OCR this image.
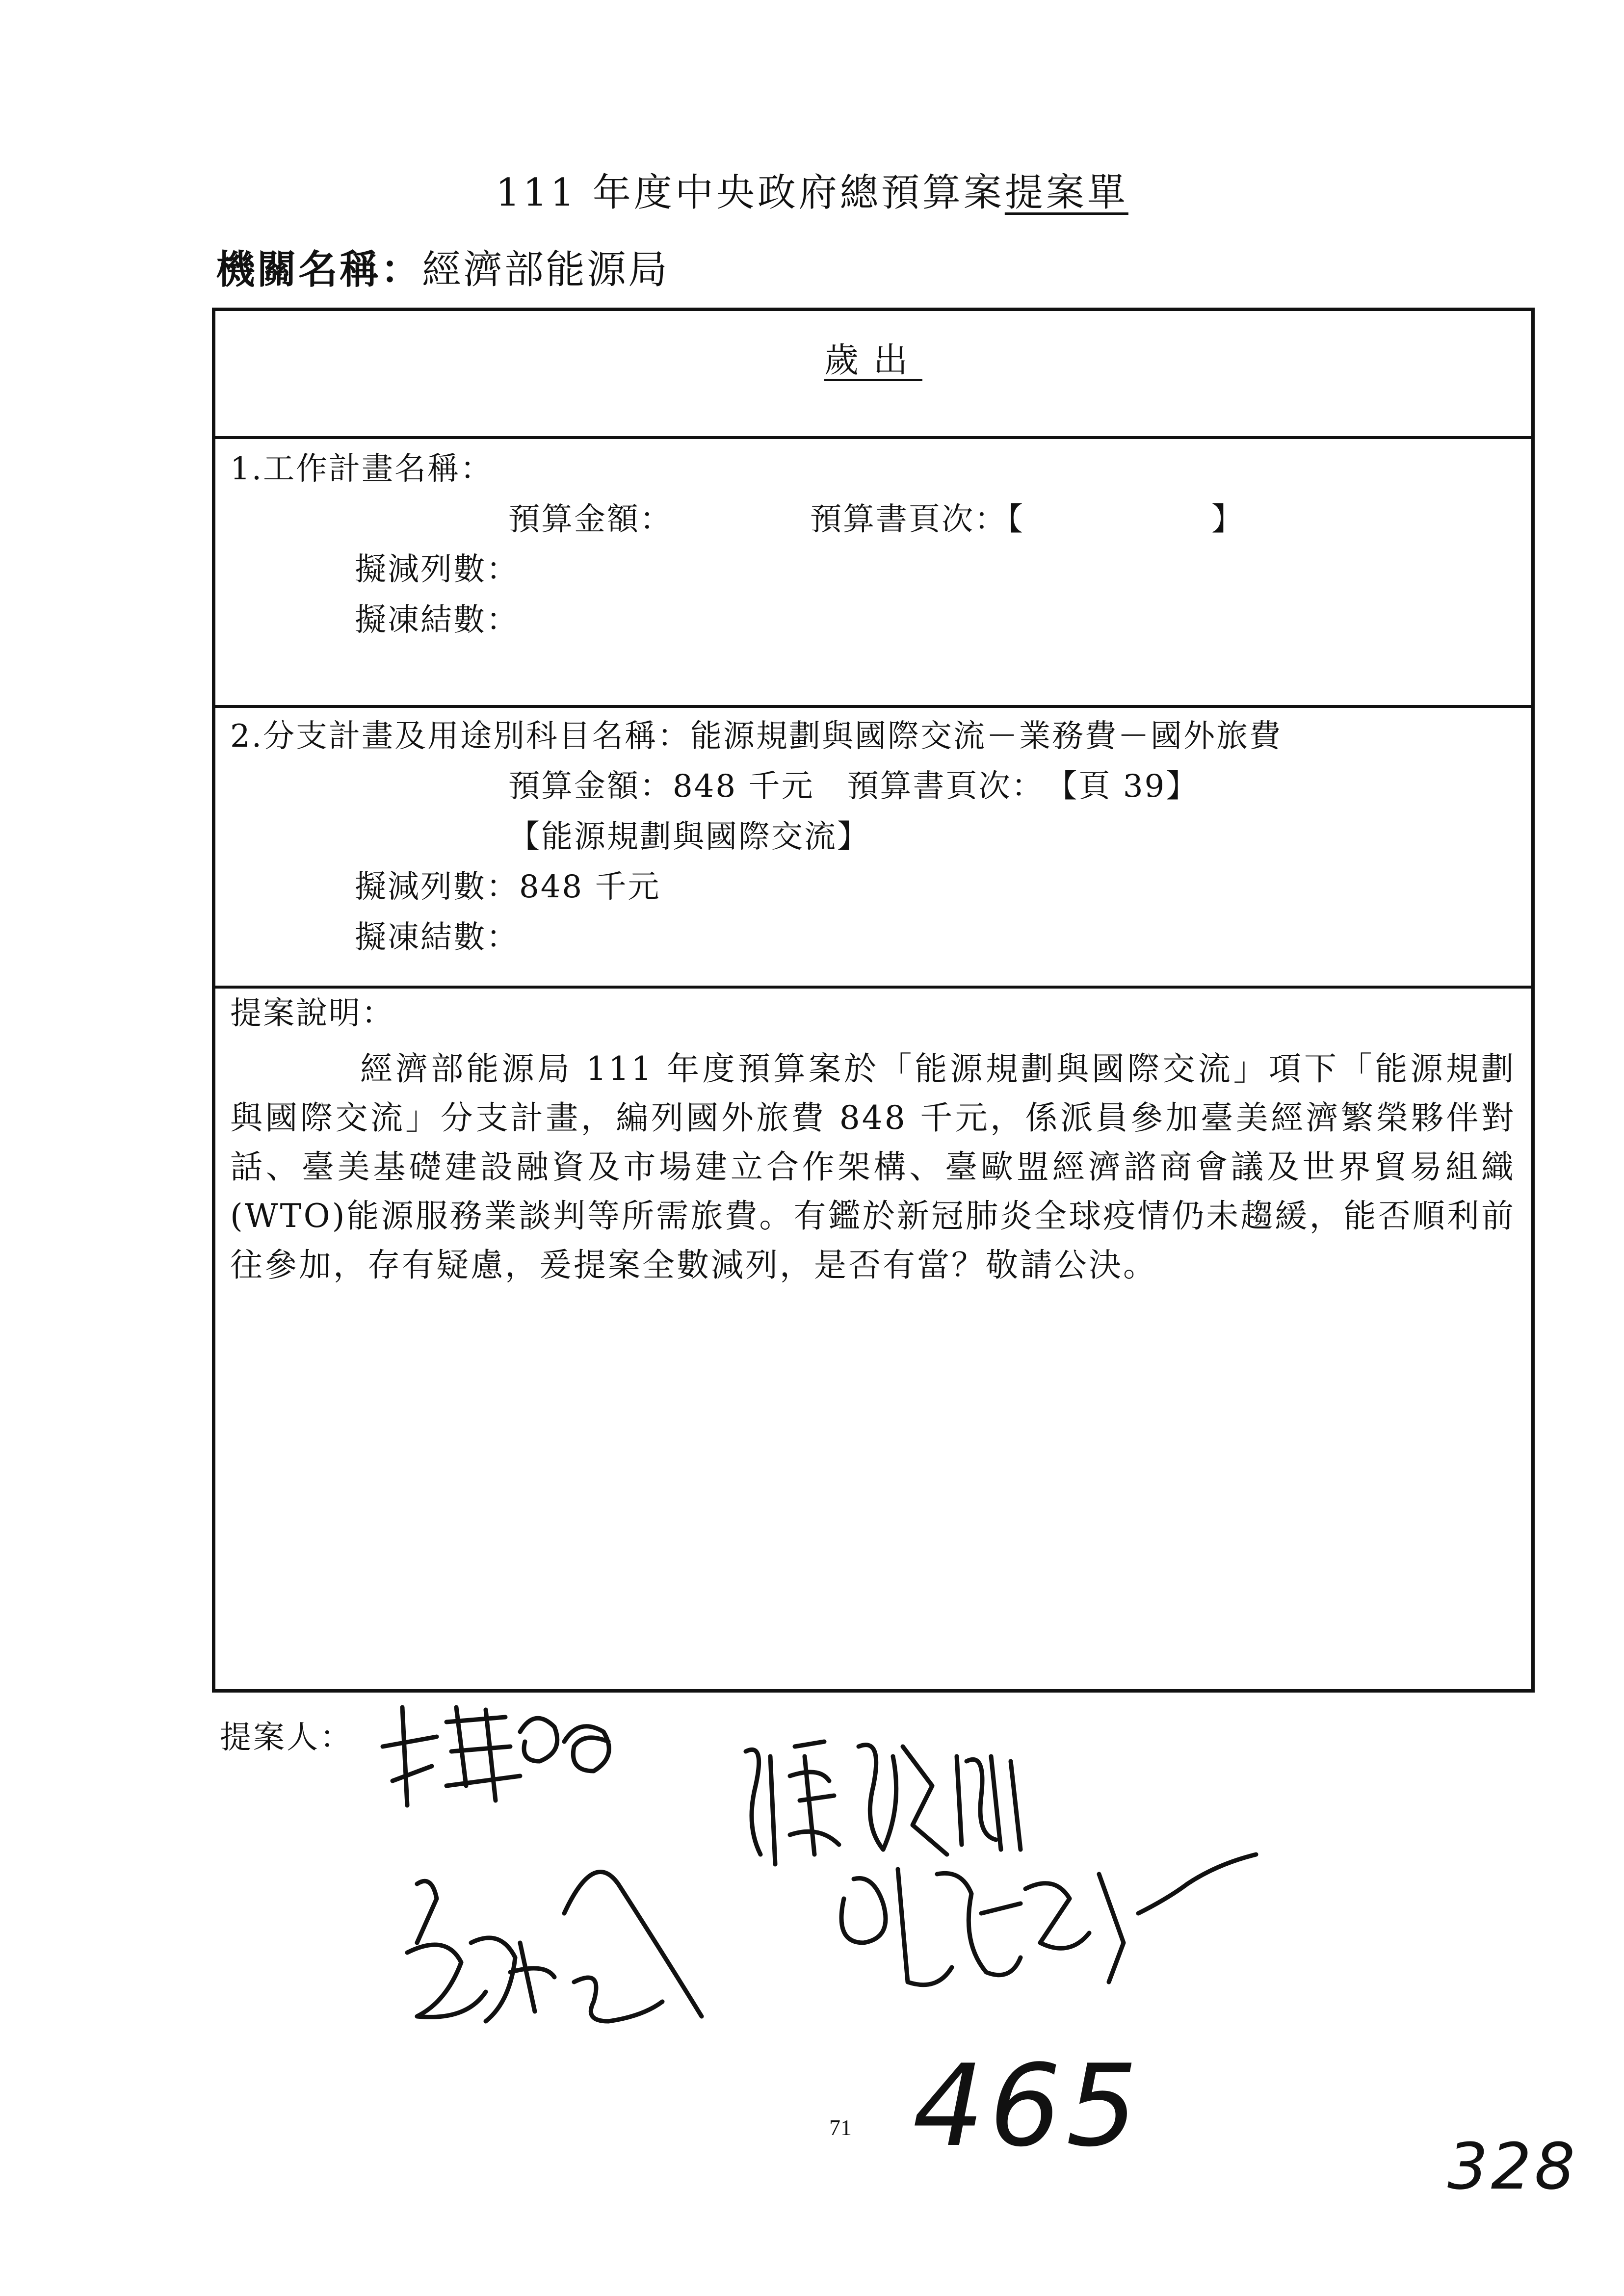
111 年度中央政府總預算案提案單
機關名稱：經濟部能源局
歲出
1.工作計畫名稱：
預算金額：	預算書頁次：【	】
擬減列數：
擬凍結數：
2.分支計畫及用途別科目名稱：能源規劃與國際交流－業務費－國外旅費
預算金額：848 千元　預算書頁次：　【頁 39】
【能源規劃與國際交流】
擬減列數：848 千元
擬凍結數：
提案說明：
經濟部能源局 111 年度預算案於「能源規劃與國際交流」項下「能源規劃與國際交流」分支計畫，編列國外旅費 848 千元，係派員參加臺美經濟繁榮夥伴對話、臺美基礎建設融資及市場建立合作架構、臺歐盟經濟諮商會議及世界貿易組織(WTO)能源服務業談判等所需旅費。有鑑於新冠肺炎全球疫情仍未趨緩，能否順利前往參加，存有疑慮，爰提案全數減列，是否有當？敬請公決。
提案人：
71 465	328
